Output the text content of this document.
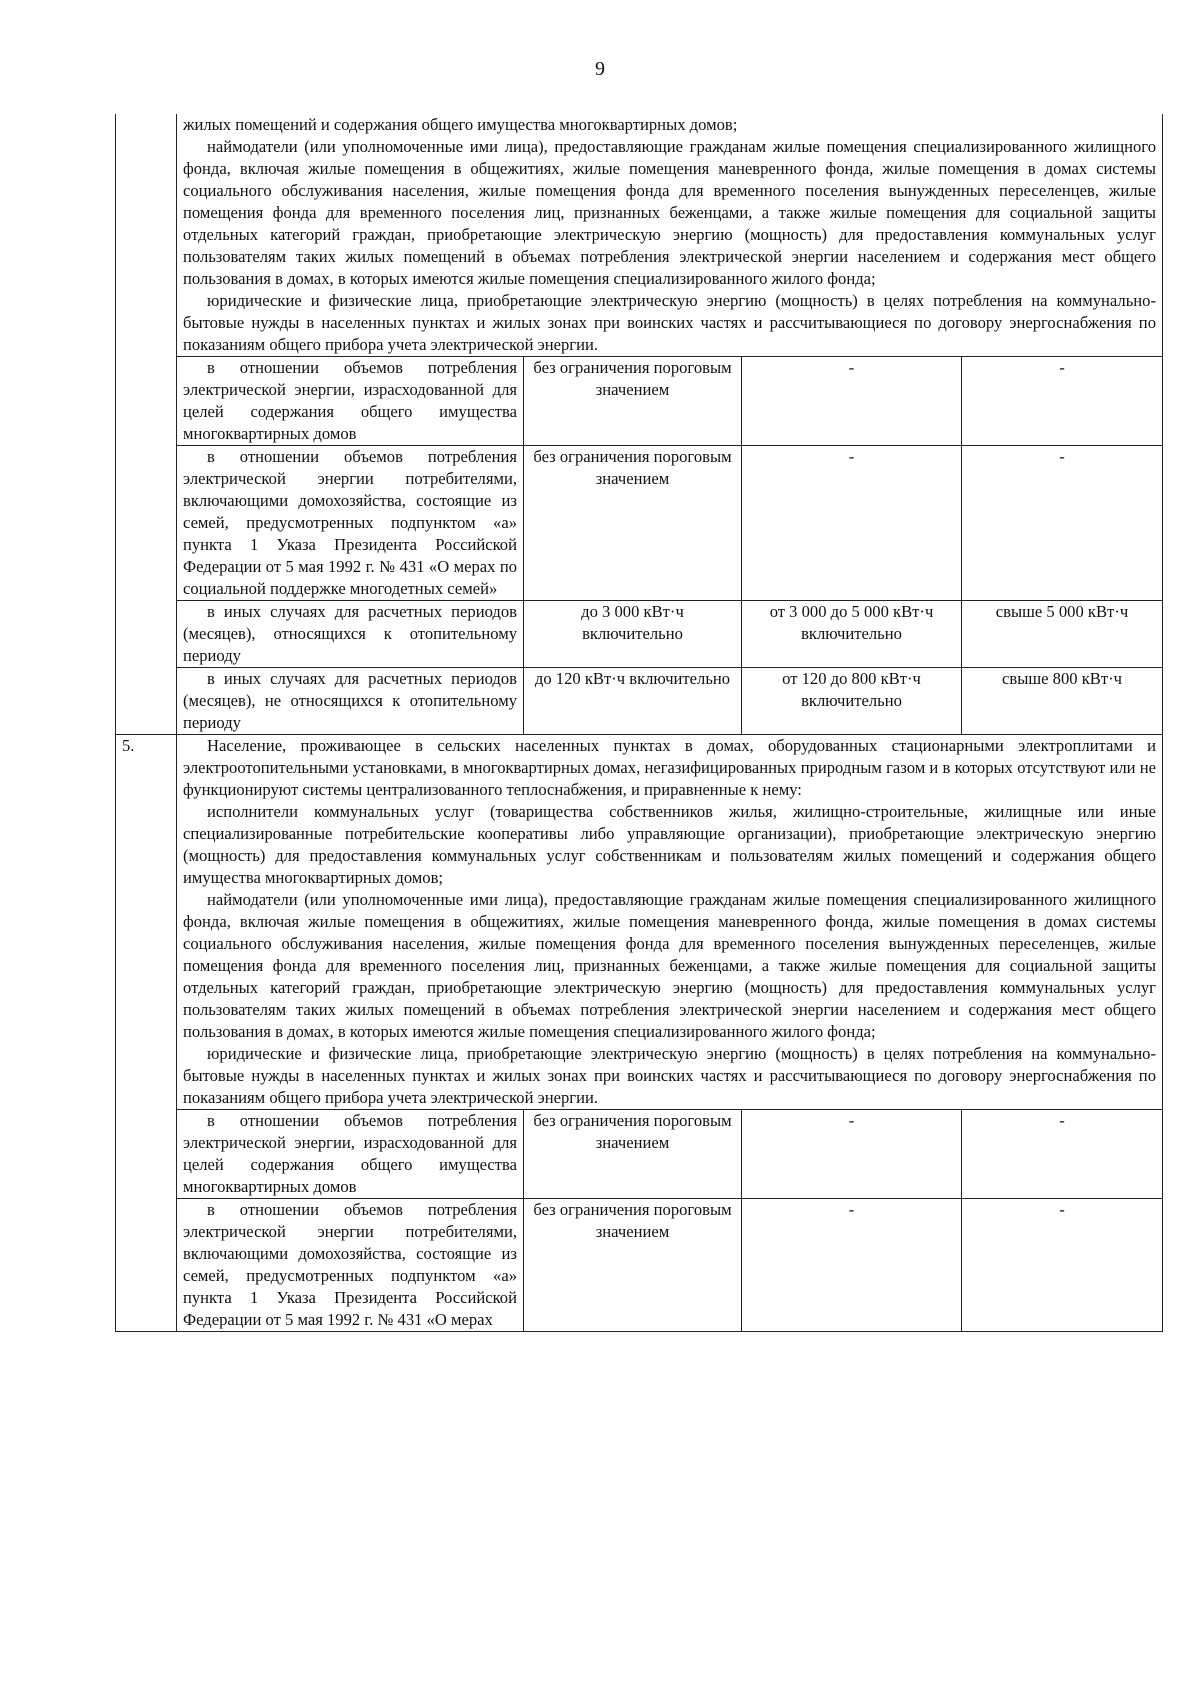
9

	жилых помещений и содержания общего имущества многоквартирных домов;

наймодатели (или уполномоченные ими лица), предоставляющие гражданам жилые помещения специализированного жилищного фонда, включая жилые помещения в общежитиях, жилые помещения маневренного фонда, жилые помещения в домах системы социального обслуживания населения, жилые помещения фонда для временного поселения вынужденных переселенцев, жилые помещения фонда для временного поселения лиц, признанных беженцами, а также жилые помещения для социальной защиты отдельных категорий граждан, приобретающие электрическую энергию (мощность) для предоставления коммунальных услуг пользователям таких жилых помещений в объемах потребления электрической энергии населением и содержания мест общего пользования в домах, в которых имеются жилые помещения специализированного жилого фонда;

юридические и физические лица, приобретающие электрическую энергию (мощность) в целях потребления на коммунально-бытовые нужды в населенных пунктах и жилых зонах при воинских частях и рассчитывающиеся по договору энергоснабжения по показаниям общего прибора учета электрической энергии.			

	в отношении объемов потребления электрической энергии, израсходованной для целей содержания общего имущества многоквартирных домов	без ограничения пороговым значением	-	-

	в отношении объемов потребления электрической энергии потребителями, включающими домохозяйства, состоящие из семей, предусмотренных подпунктом «а» пункта 1 Указа Президента Российской Федерации от 5 мая 1992 г. № 431 «О мерах по социальной поддержке многодетных семей»	без ограничения пороговым значением	-	-

	в иных случаях для расчетных периодов (месяцев), относящихся к отопительному периоду	до 3 000 кВт·ч включительно	от 3 000 до 5 000 кВт·ч включительно	свыше 5 000 кВт·ч

	в иных случаях для расчетных периодов (месяцев), не относящихся к отопительному периоду	до 120 кВт·ч включительно	от 120 до 800 кВт·ч включительно	свыше 800 кВт·ч
5.	Население, проживающее в сельских населенных пунктах в домах, оборудованных стационарными электроплитами и электроотопительными установками, в многоквартирных домах, негазифицированных природным газом и в которых отсутствуют или не функционируют системы централизованного теплоснабжения, и приравненные к нему:

исполнители коммунальных услуг (товарищества собственников жилья, жилищно-строительные, жилищные или иные специализированные потребительские кооперативы либо управляющие организации), приобретающие электрическую энергию (мощность) для предоставления коммунальных услуг собственникам и пользователям жилых помещений и содержания общего имущества многоквартирных домов;

наймодатели (или уполномоченные ими лица), предоставляющие гражданам жилые помещения специализированного жилищного фонда, включая жилые помещения в общежитиях, жилые помещения маневренного фонда, жилые помещения в домах системы социального обслуживания населения, жилые помещения фонда для временного поселения вынужденных переселенцев, жилые помещения фонда для временного поселения лиц, признанных беженцами, а также жилые помещения для социальной защиты отдельных категорий граждан, приобретающие электрическую энергию (мощность) для предоставления коммунальных услуг пользователям таких жилых помещений в объемах потребления электрической энергии населением и содержания мест общего пользования в домах, в которых имеются жилые помещения специализированного жилого фонда;

юридические и физические лица, приобретающие электрическую энергию (мощность) в целях потребления на коммунально-бытовые нужды в населенных пунктах и жилых зонах при воинских частях и рассчитывающиеся по договору энергоснабжения по показаниям общего прибора учета электрической энергии.			

	в отношении объемов потребления электрической энергии, израсходованной для целей содержания общего имущества многоквартирных домов	без ограничения пороговым значением	-	-

	в отношении объемов потребления электрической энергии потребителями, включающими домохозяйства, состоящие из семей, предусмотренных подпунктом «а» пункта 1 Указа Президента Российской Федерации от 5 мая 1992 г. № 431 «О мерах	без ограничения пороговым значением	-	-
